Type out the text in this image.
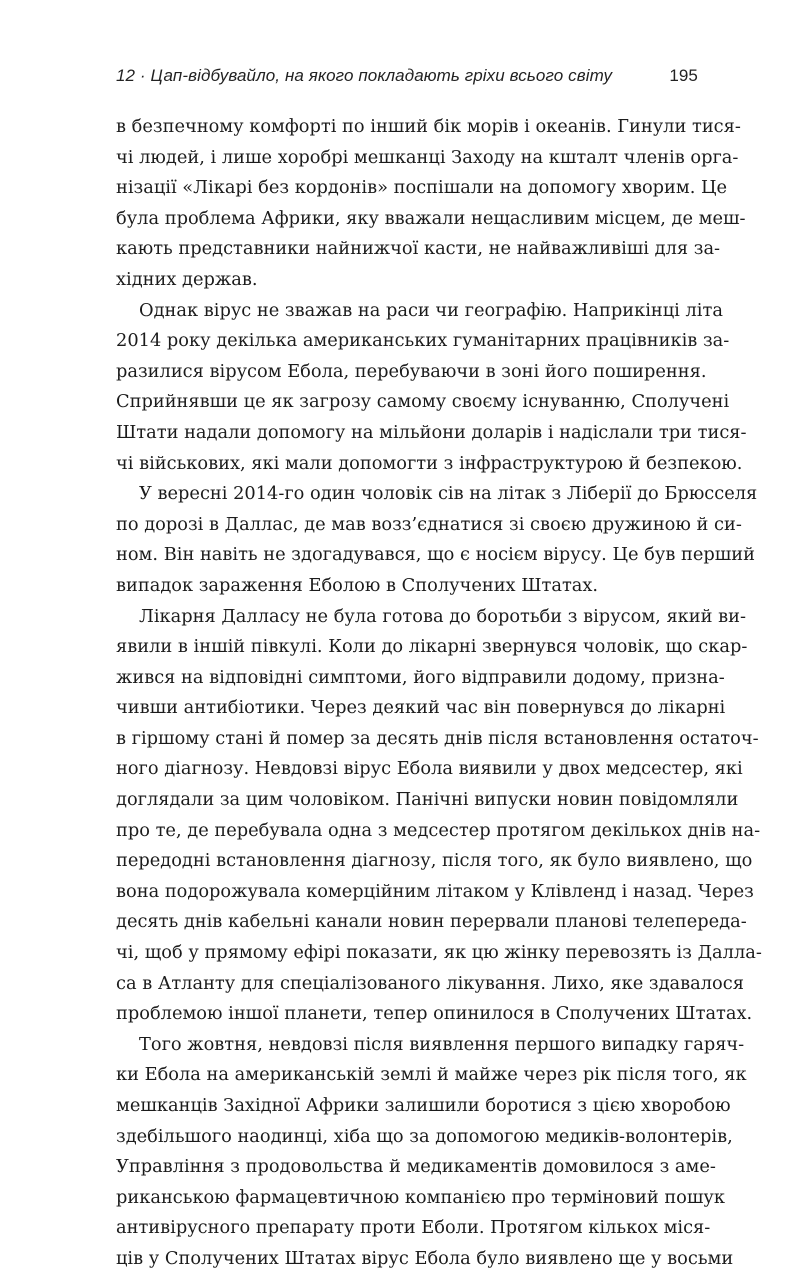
12 · Цап-відбувайло, на якого покладають гріхи всього світу	195
в безпечному комфорті по інший бік морів і океанів. Гинули тися-
чі людей, і лише хоробрі мешканці Заходу на кшталт членів орга-
нізації «Лікарі без кордонів» поспішали на допомогу хворим. Це
була проблема Африки, яку вважали нещасливим місцем, де меш-
кають представники найнижчої касти, не найважливіші для за-
хідних держав.
Однак вірус не зважав на раси чи географію. Наприкінці літа
2014 року декілька американських гуманітарних працівників за-
разилися вірусом Ебола, перебуваючи в зоні його поширення.
Сприйнявши це як загрозу самому своєму існуванню, Сполучені
Штати надали допомогу на мільйони доларів і надіслали три тися-
чі військових, які мали допомогти з інфраструктурою й безпекою.
У вересні 2014-го один чоловік сів на літак з Ліберії до Брюсселя
по дорозі в Даллас, де мав возз’єднатися зі своєю дружиною й си-
ном. Він навіть не здогадувався, що є носієм вірусу. Це був перший
випадок зараження Еболою в Сполучених Штатах.
Лікарня Далласу не була готова до боротьби з вірусом, який ви-
явили в іншій півкулі. Коли до лікарні звернувся чоловік, що скар-
жився на відповідні симптоми, його відправили додому, призна-
чивши антибіотики. Через деякий час він повернувся до лікарні
в гіршому стані й помер за десять днів після встановлення остаточ-
ного діагнозу. Невдовзі вірус Ебола виявили у двох медсестер, які
доглядали за цим чоловіком. Панічні випуски новин повідомляли
про те, де перебувала одна з медсестер протягом декількох днів на-
передодні встановлення діагнозу, після того, як було виявлено, що
вона подорожувала комерційним літаком у Клівленд і назад. Через
десять днів кабельні канали новин перервали планові телепереда-
чі, щоб у прямому ефірі показати, як цю жінку перевозять із Далла-
са в Атланту для спеціалізованого лікування. Лихо, яке здавалося
проблемою іншої планети, тепер опинилося в Сполучених Штатах.
Того жовтня, невдовзі після виявлення першого випадку гаряч-
ки Ебола на американській землі й майже через рік після того, як
мешканців Західної Африки залишили боротися з цією хворобою
здебільшого наодинці, хіба що за допомогою медиків-волонтерів,
Управління з продовольства й медикаментів домовилося з аме-
риканською фармацевтичною компанією про терміновий пошук
антивірусного препарату проти Еболи. Протягом кількох міся-
ців у Сполучених Штатах вірус Ебола було виявлено ще у восьми
